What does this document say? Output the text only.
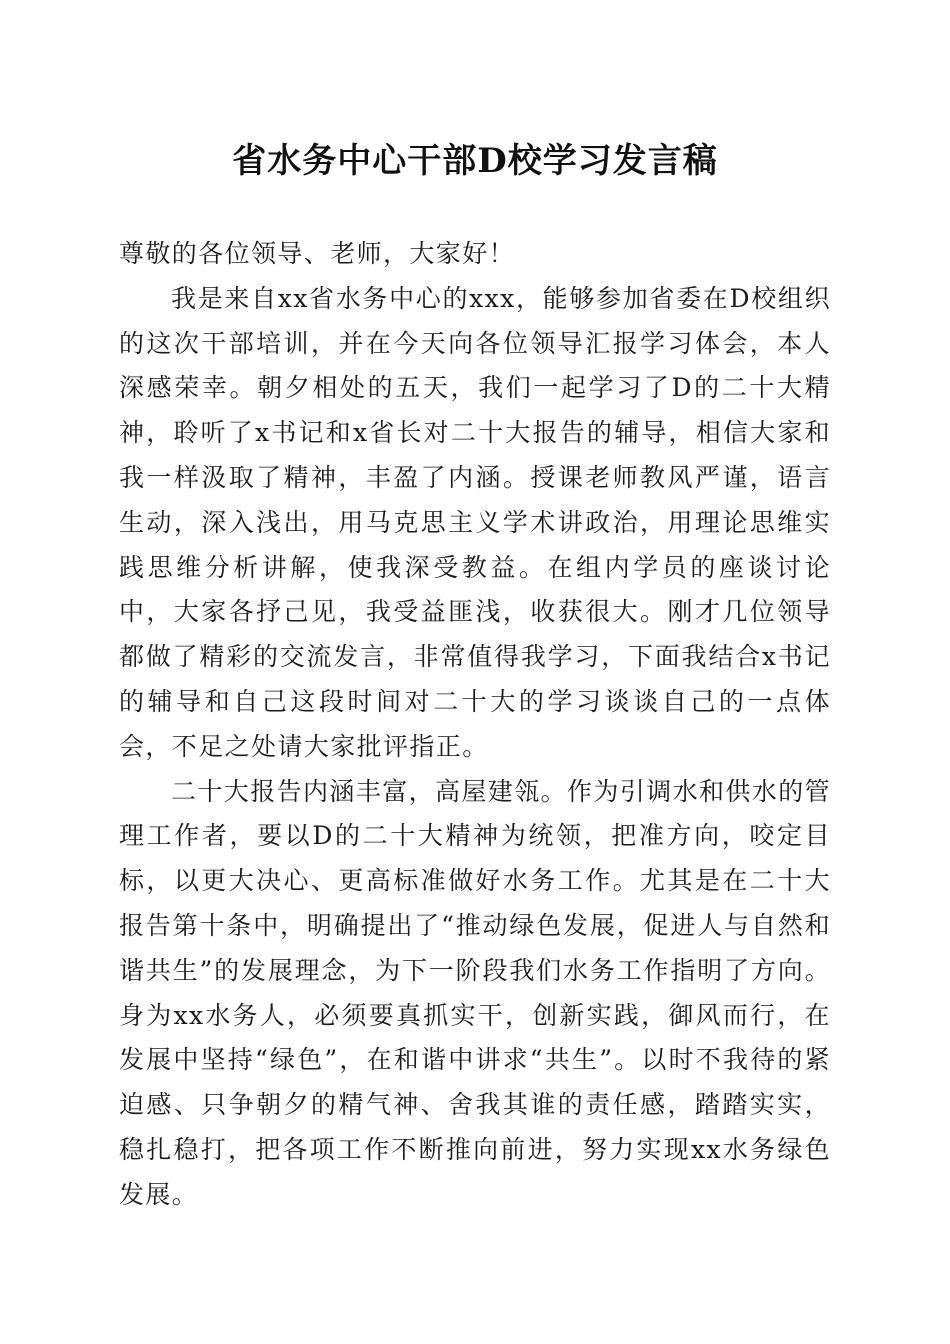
省水务中心干部D校学习发言稿

尊敬的各位领导、老师，大家好！

我是来自xx省水务中心的xxx，能够参加省委在D校组织的这次干部培训，并在今天向各位领导汇报学习体会，本人深感荣幸。朝夕相处的五天，我们一起学习了D的二十大精神，聆听了x书记和x省长对二十大报告的辅导，相信大家和我一样汲取了精神，丰盈了内涵。授课老师教风严谨，语言生动，深入浅出，用马克思主义学术讲政治，用理论思维实践思维分析讲解，使我深受教益。在组内学员的座谈讨论中，大家各抒己见，我受益匪浅，收获很大。刚才几位领导都做了精彩的交流发言，非常值得我学习，下面我结合x书记的辅导和自己这段时间对二十大的学习谈谈自己的一点体会，不足之处请大家批评指正。

二十大报告内涵丰富，高屋建瓴。作为引调水和供水的管理工作者，要以D的二十大精神为统领，把准方向，咬定目标，以更大决心、更高标准做好水务工作。尤其是在二十大报告第十条中，明确提出了“推动绿色发展，促进人与自然和谐共生”的发展理念，为下一阶段我们水务工作指明了方向。身为xx水务人，必须要真抓实干，创新实践，御风而行，在发展中坚持“绿色”，在和谐中讲求“共生”。以时不我待的紧迫感、只争朝夕的精气神、舍我其谁的责任感，踏踏实实，稳扎稳打，把各项工作不断推向前进，努力实现xx水务绿色发展。
